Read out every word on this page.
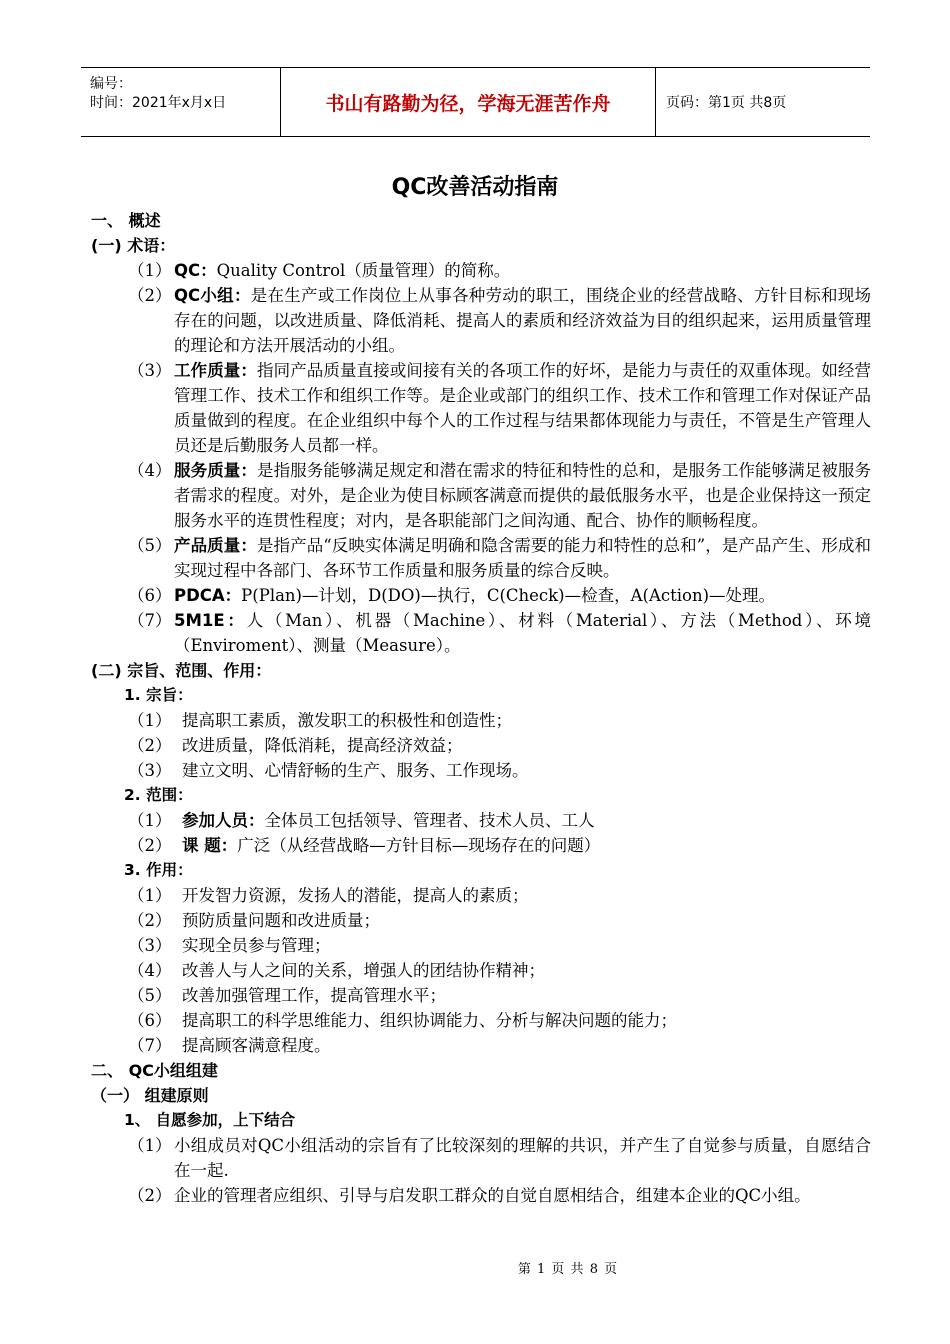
编号：
时间：2021年x月x日	书山有路勤为径，学海无涯苦作舟	页码：第1页 共8页
QC改善活动指南
一、 概述
(一) 术语：
（1） QC：Quality Control（质量管理）的简称。
（2） QC小组：是在生产或工作岗位上从事各种劳动的职工，围绕企业的经营战略、方针目标和现场存在的问题，以改进质量、降低消耗、提高人的素质和经济效益为目的组织起来，运用质量管理的理论和方法开展活动的小组。
（3） 工作质量：指同产品质量直接或间接有关的各项工作的好坏，是能力与责任的双重体现。如经营管理工作、技术工作和组织工作等。是企业或部门的组织工作、技术工作和管理工作对保证产品质量做到的程度。在企业组织中每个人的工作过程与结果都体现能力与责任，不管是生产管理人员还是后勤服务人员都一样。
（4） 服务质量：是指服务能够满足规定和潜在需求的特征和特性的总和，是服务工作能够满足被服务者需求的程度。对外，是企业为使目标顾客满意而提供的最低服务水平，也是企业保持这一预定服务水平的连贯性程度；对内，是各职能部门之间沟通、配合、协作的顺畅程度。
（5） 产品质量：是指产品“反映实体满足明确和隐含需要的能力和特性的总和”，是产品产生、形成和实现过程中各部门、各环节工作质量和服务质量的综合反映。
（6） PDCA：P(Plan)—计划，D(DO)—执行，C(Check)—检查，A(Action)—处理。
（7） 5M1E：人（Man）、机器（Machine）、材料（Material）、方法（Method）、环境（Enviroment）、测量（Measure）。
(二) 宗旨、范围、作用：
1. 宗旨：
（1） 提高职工素质，激发职工的积极性和创造性；
（2） 改进质量，降低消耗，提高经济效益；
（3） 建立文明、心情舒畅的生产、服务、工作现场。
2. 范围：
（1） 参加人员：全体员工包括领导、管理者、技术人员、工人
（2） 课 题：广泛（从经营战略—方针目标—现场存在的问题）
3. 作用：
（1） 开发智力资源，发扬人的潜能，提高人的素质；
（2） 预防质量问题和改进质量；
（3） 实现全员参与管理；
（4） 改善人与人之间的关系，增强人的团结协作精神；
（5） 改善加强管理工作，提高管理水平；
（6） 提高职工的科学思维能力、组织协调能力、分析与解决问题的能力；
（7） 提高顾客满意程度。
二、 QC小组组建
（一） 组建原则
1、 自愿参加，上下结合
（1） 小组成员对QC小组活动的宗旨有了比较深刻的理解的共识，并产生了自觉参与质量，自愿结合在一起.
（2） 企业的管理者应组织、引导与启发职工群众的自觉自愿相结合，组建本企业的QC小组。
第 1 页 共 8 页
